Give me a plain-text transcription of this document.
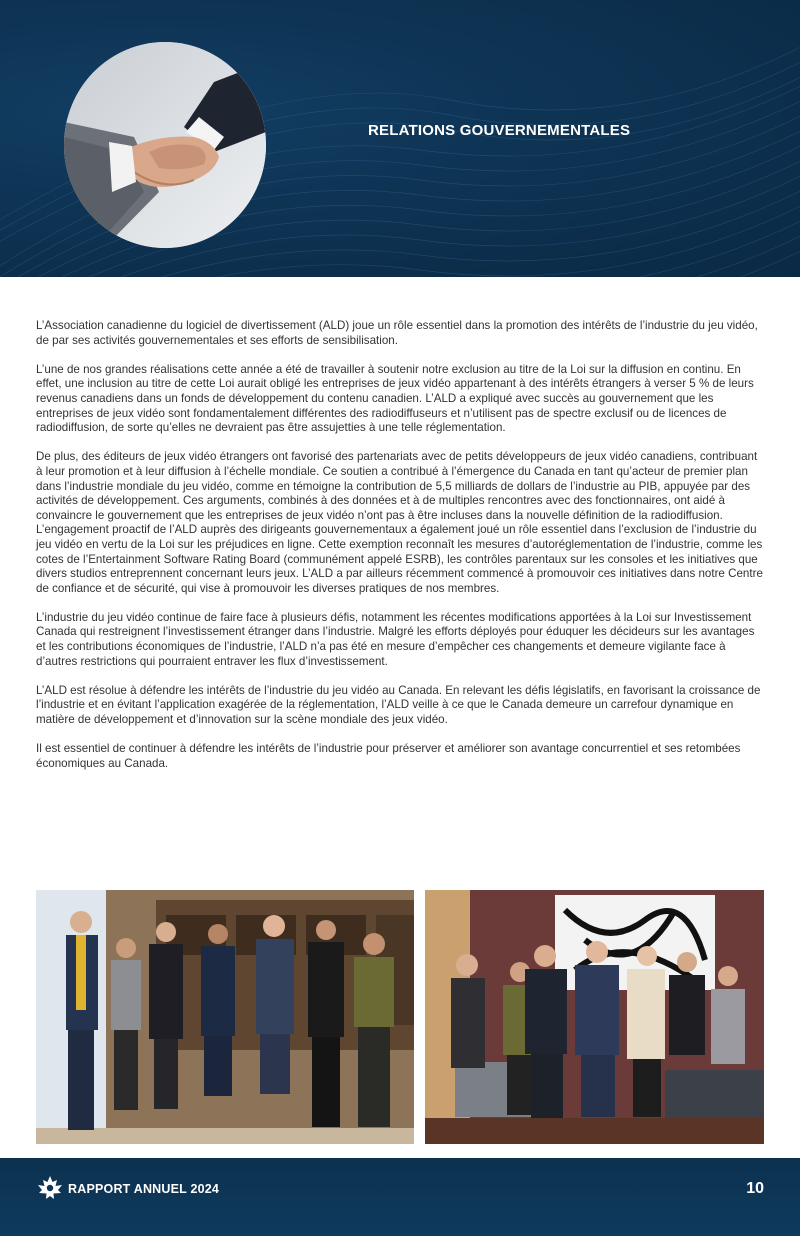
RELATIONS GOUVERNEMENTALES

L’Association canadienne du logiciel de divertissement (ALD) joue un rôle essentiel dans la promotion des intérêts de l’industrie du jeu vidéo, de par ses activités gouvernementales et ses efforts de sensibilisation.

L’une de nos grandes réalisations cette année a été de travailler à soutenir notre exclusion au titre de la Loi sur la diffusion en continu. En effet, une inclusion au titre de cette Loi aurait obligé les entreprises de jeux vidéo appartenant à des intérêts étrangers à verser 5 % de leurs revenus canadiens dans un fonds de développement du contenu canadien. L’ALD a expliqué avec succès au gouvernement que les entreprises de jeux vidéo sont fondamentalement différentes des radiodiffuseurs et n’utilisent pas de spectre exclusif ou de licences de radiodiffusion, de sorte qu’elles ne devraient pas être assujetties à une telle réglementation.

De plus, des éditeurs de jeux vidéo étrangers ont favorisé des partenariats avec de petits développeurs de jeux vidéo canadiens, contribuant à leur promotion et à leur diffusion à l’échelle mondiale. Ce soutien a contribué à l’émergence du Canada en tant qu’acteur de premier plan dans l’industrie mondiale du jeu vidéo, comme en témoigne la contribution de 5,5 milliards de dollars de l’industrie au PIB, appuyée par des activités de développement. Ces arguments, combinés à des données et à de multiples rencontres avec des fonctionnaires, ont aidé à convaincre le gouvernement que les entreprises de jeux vidéo n’ont pas à être incluses dans la nouvelle définition de la radiodiffusion. L’engagement proactif de l’ALD auprès des dirigeants gouvernementaux a également joué un rôle essentiel dans l’exclusion de l’industrie du jeu vidéo en vertu de la Loi sur les préjudices en ligne. Cette exemption reconnaît les mesures d’autoréglementation de l’industrie, comme les cotes de l’Entertainment Software Rating Board (communément appelé ESRB), les contrôles parentaux sur les consoles et les initiatives que divers studios entreprennent concernant leurs jeux. L’ALD a par ailleurs récemment commencé à promouvoir ces initiatives dans notre Centre de confiance et de sécurité, qui vise à promouvoir les diverses pratiques de nos membres.

L’industrie du jeu vidéo continue de faire face à plusieurs défis, notamment les récentes modifications apportées à la Loi sur Investissement Canada qui restreignent l’investissement étranger dans l’industrie. Malgré les efforts déployés pour éduquer les décideurs sur les avantages et les contributions économiques de l’industrie, l’ALD n’a pas été en mesure d’empêcher ces changements et demeure vigilante face à d’autres restrictions qui pourraient entraver les flux d’investissement.

L’ALD est résolue à défendre les intérêts de l’industrie du jeu vidéo au Canada. En relevant les défis législatifs, en favorisant la croissance de l’industrie et en évitant l’application exagérée de la réglementation, l’ALD veille à ce que le Canada demeure un carrefour dynamique en matière de développement et d’innovation sur la scène mondiale des jeux vidéo.

Il est essentiel de continuer à défendre les intérêts de l’industrie pour préserver et améliorer son avantage concurrentiel et ses retombées économiques au Canada.

RAPPORT ANNUEL 2024	10
